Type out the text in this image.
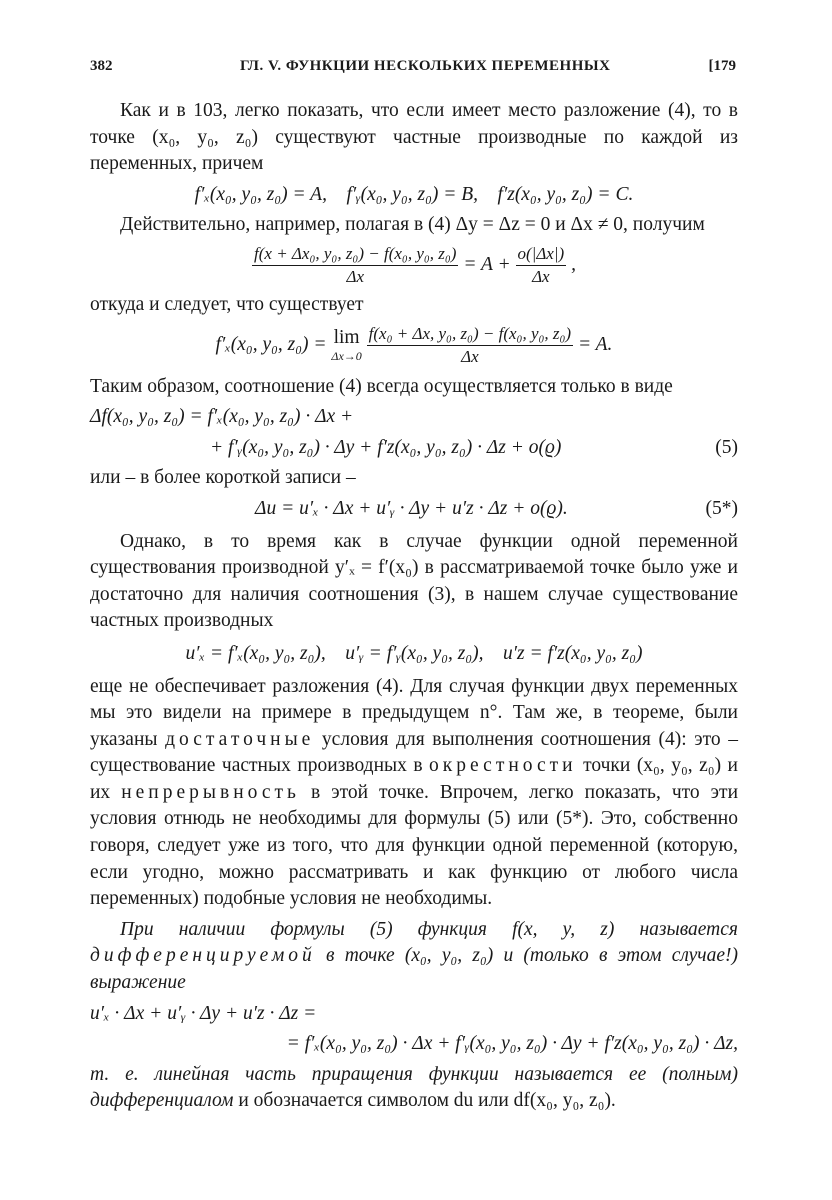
382	ГЛ. V. ФУНКЦИИ НЕСКОЛЬКИХ ПЕРЕМЕННЫХ	[179

Как и в 103, легко показать, что если имеет место разложение (4), то в точке (x₀, y₀, z₀) существуют частные производные по каждой из переменных, причем

f′ₓ(x₀, y₀, z₀) = A,    f′ᵧ(x₀, y₀, z₀) = B,    f′z(x₀, y₀, z₀) = C.

Действительно, например, полагая в (4) Δy = Δz = 0 и Δx ≠ 0, получим

$\frac{\text{f(x + Δx₀, y₀, z₀) − f(x₀, y₀, z₀)}}{\Delta x} = A + \frac{o(|\Delta x|)}{\Delta x}$ ,

откуда и следует, что существует

f′ₓ(x₀, y₀, z₀) = lim
Δx→0
$\frac{\text{f(x₀ + Δx, y₀, z₀) − f(x₀, y₀, z₀)}}{\Delta x} = A$.

Таким образом, соотношение (4) всегда осуществляется только в виде

Δf(x₀, y₀, z₀) = f′ₓ(x₀, y₀, z₀) · Δx +
+ f′ᵧ(x₀, y₀, z₀) · Δy + f′z(x₀, y₀, z₀) · Δz + o(ϱ)	(5)

или – в более короткой записи –

Δu = u′ₓ · Δx + u′ᵧ · Δy + u′z · Δz + o(ϱ).	(5*)

Однако, в то время как в случае функции одной переменной существования производной y′ₓ = f′(x₀) в рассматриваемой точке было уже и достаточно для наличия соотношения (3), в нашем случае существование частных производных

u′ₓ = f′ₓ(x₀, y₀, z₀),    u′ᵧ = f′ᵧ(x₀, y₀, z₀),    u′z = f′z(x₀, y₀, z₀)

еще не обеспечивает разложения (4). Для случая функции двух переменных мы это видели на примере в предыдущем n°. Там же, в теореме, были указаны достаточные условия для выполнения соотношения (4): это – существование частных производных в окрестности точки (x₀, y₀, z₀) и их непрерывность в этой точке. Впрочем, легко показать, что эти условия отнюдь не необходимы для формулы (5) или (5*). Это, собственно говоря, следует уже из того, что для функции одной переменной (которую, если угодно, можно рассматривать и как функцию от любого числа переменных) подобные условия не необходимы.

При наличии формулы (5) функция f(x, y, z) называется дифференцируемой в точке (x₀, y₀, z₀) и (только в этом случае!) выражение

u′ₓ · Δx + u′ᵧ · Δy + u′z · Δz =
= f′ₓ(x₀, y₀, z₀) · Δx + f′ᵧ(x₀, y₀, z₀) · Δy + f′z(x₀, y₀, z₀) · Δz,

т. е. линейная часть приращения функции называется ее (полным) дифференциалом и обозначается символом du или df(x₀, y₀, z₀).
